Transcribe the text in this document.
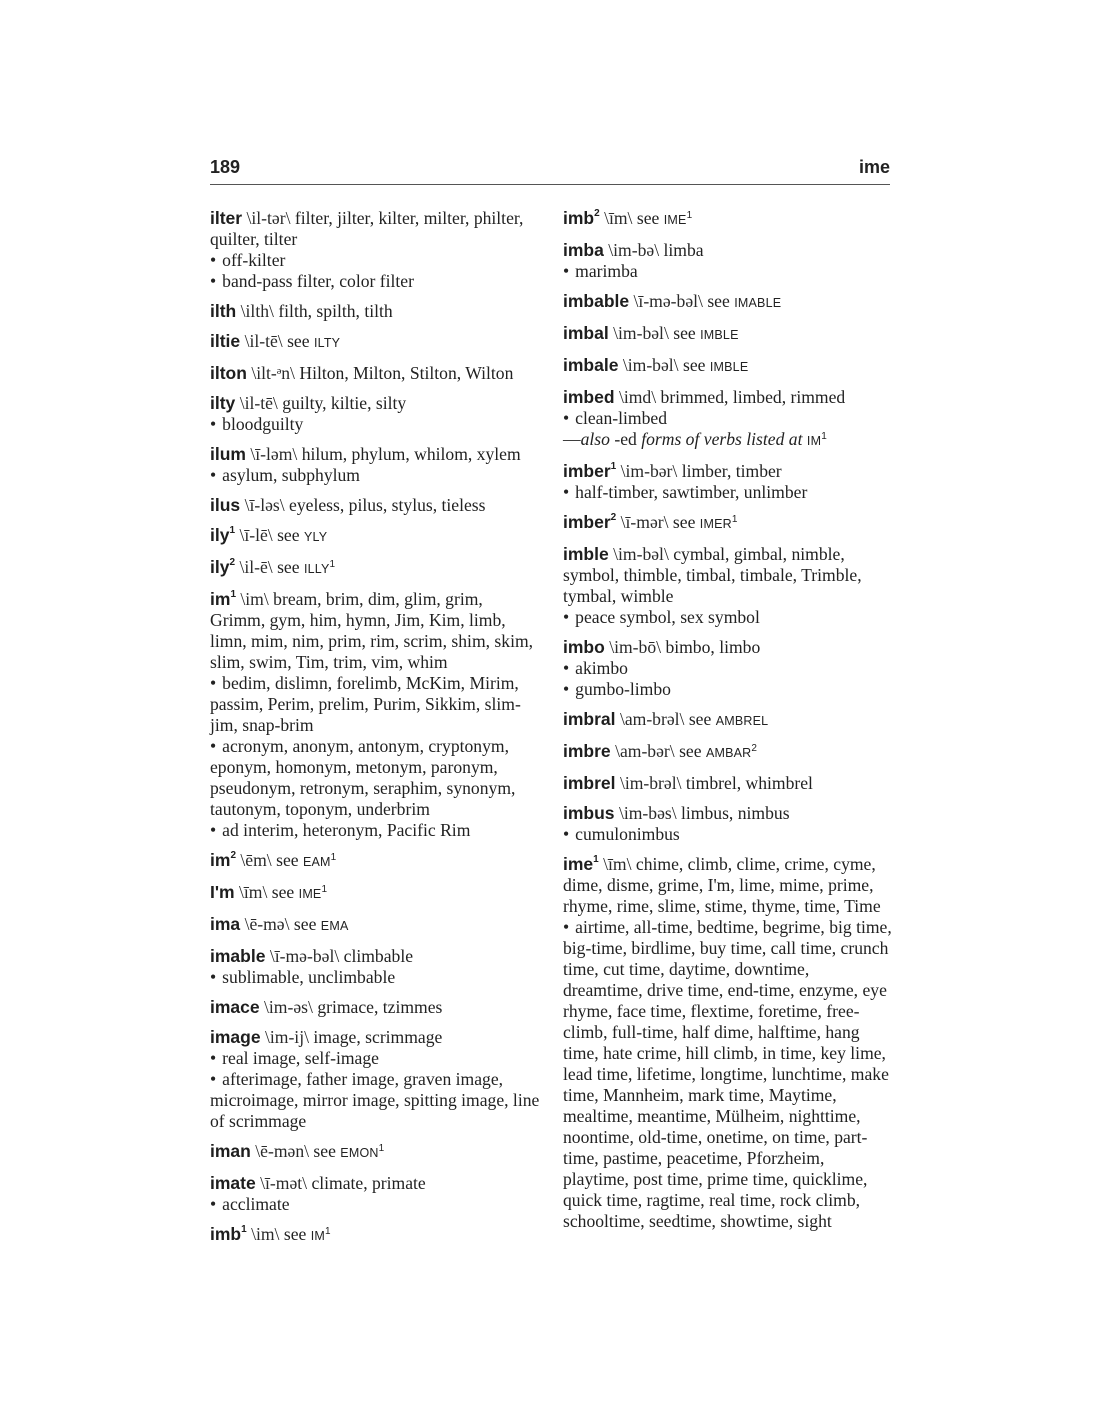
189	ime
ilter \il-tər\ filter, jilter, kilter, milter, philter, quilter, tilter
• off-kilter
• band-pass filter, color filter
ilth \ilth\ filth, spilth, tilth
iltie \il-tē\ see ILTY
ilton \ilt-ᵊn\ Hilton, Milton, Stilton, Wilton
ilty \il-tē\ guilty, kiltie, silty
• bloodguilty
ilum \ī-ləm\ hilum, phylum, whilom, xylem
• asylum, subphylum
ilus \ī-ləs\ eyeless, pilus, stylus, tieless
ily$^1$ \ī-lē\ see YLY
ily$^2$ \il-ē\ see ILLY$^1$
$im^1$ \im\ bream, brim, dim, glim, grim, Grimm, gym, him, hymn, Jim, Kim, limb, limn, mim, nim, prim, rim, scrim, shim, skim, slim, swim, Tim, trim, vim, whim
• bedim, dislimn, forelimb, McKim, Mirim, passim, Perim, prelim, Purim, Sikkim, slim-jim, snap-brim
• acronym, anonym, antonym, cryptonym, eponym, homonym, metonym, paronym, pseudonym, retronym, seraphim, synonym, tautonym, toponym, underbrim
• ad interim, heteronym, Pacific Rim
$im^2$ \ēm\ see EAM$^1$
I'm \īm\ see IME$^1$
ima \ē-mə\ see EMA
imable \ī-mə-bəl\ climbable
• sublimable, unclimbable
imace \im-əs\ grimace, tzimmes
image \im-ij\ image, scrimmage
• real image, self-image
• afterimage, father image, graven image, microimage, mirror image, spitting image, line of scrimmage
iman \ē-mən\ see EMON$^1$
imate \ī-mət\ climate, primate
• acclimate
imb$^1$ \im\ see $IM^1$
imb$^2$ \īm\ see IME$^1$
imba \im-bə\ limba
• marimba
imbable \ī-mə-bəl\ see IMABLE
imbal \im-bəl\ see IMBLE
imbale \im-bəl\ see IMBLE
imbed \imd\ brimmed, limbed, rimmed
• clean-limbed
—also -ed forms of verbs listed at $IM^1$
imber$^1$ \im-bər\ limber, timber
• half-timber, sawtimber, unlimber
imber$^2$ \ī-mər\ see IMER$^1$
imble \im-bəl\ cymbal, gimbal, nimble, symbol, thimble, timbal, timbale, Trimble, tymbal, wimble
• peace symbol, sex symbol
imbo \im-bō\ bimbo, limbo
• akimbo
• gumbo-limbo
imbral \am-brəl\ see AMBREL
imbre \am-bər\ see AMBAR$^2$
imbrel \im-brəl\ timbrel, whimbrel
imbus \im-bəs\ limbus, nimbus
• cumulonimbus
ime$^1$ \īm\ chime, climb, clime, crime, cyme, dime, disme, grime, I'm, lime, mime, prime, rhyme, rime, slime, stime, thyme, time, Time
• airtime, all-time, bedtime, begrime, big time, big-time, birdlime, buy time, call time, crunch time, cut time, daytime, downtime, dreamtime, drive time, end-time, enzyme, eye rhyme, face time, flextime, foretime, free-climb, full-time, half dime, halftime, hang time, hate crime, hill climb, in time, key lime, lead time, lifetime, longtime, lunchtime, make time, Mannheim, mark time, Maytime, mealtime, meantime, Mülheim, nighttime, noontime, old-time, onetime, on time, part-time, pastime, peacetime, Pforzheim, playtime, post time, prime time, quicklime, quick time, ragtime, real time, rock climb, schooltime, seedtime, showtime, sight
